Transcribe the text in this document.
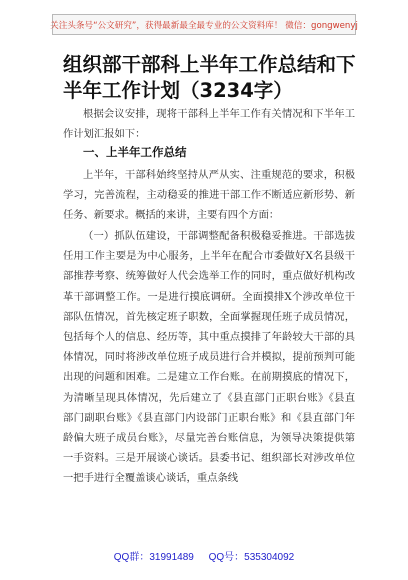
关注头条号“公文研究”，获得最新最全最专业的公文资料库！ 微信：gongwenyj
组织部干部科上半年工作总结和下半年工作计划（3234字）

根据会议安排，现将干部科上半年工作有关情况和下半年工作计划汇报如下：

一、上半年工作总结

上半年，干部科始终坚持从严从实、注重规范的要求，积极学习，完善流程，主动稳妥的推进干部工作不断适应新形势、新任务、新要求。概括的来讲，主要有四个方面：

（一）抓队伍建设，干部调整配备积极稳妥推进。干部选拔任用工作主要是为中心服务，上半年在配合市委做好X名县级干部推荐考察、统筹做好人代会选举工作的同时，重点做好机构改革干部调整工作。一是进行摸底调研。全面摸排X个涉改单位干部队伍情况，首先核定班子职数，全面掌握现任班子成员情况，包括每个人的信息、经历等，其中重点摸排了年龄较大干部的具体情况，同时将涉改单位班子成员进行合并模拟，提前预判可能出现的问题和困难。二是建立工作台账。在前期摸底的情况下，为清晰呈现具体情况，先后建立了《县直部门正职台账》《县直部门副职台账》《县直部门内设部门正职台账》和《县直部门年龄偏大班子成员台账》，尽量完善台账信息，为领导决策提供第一手资料。三是开展谈心谈话。县委书记、组织部长对涉改单位一把手进行全覆盖谈心谈话，重点条线

QQ群：31991489 QQ号：535304092
